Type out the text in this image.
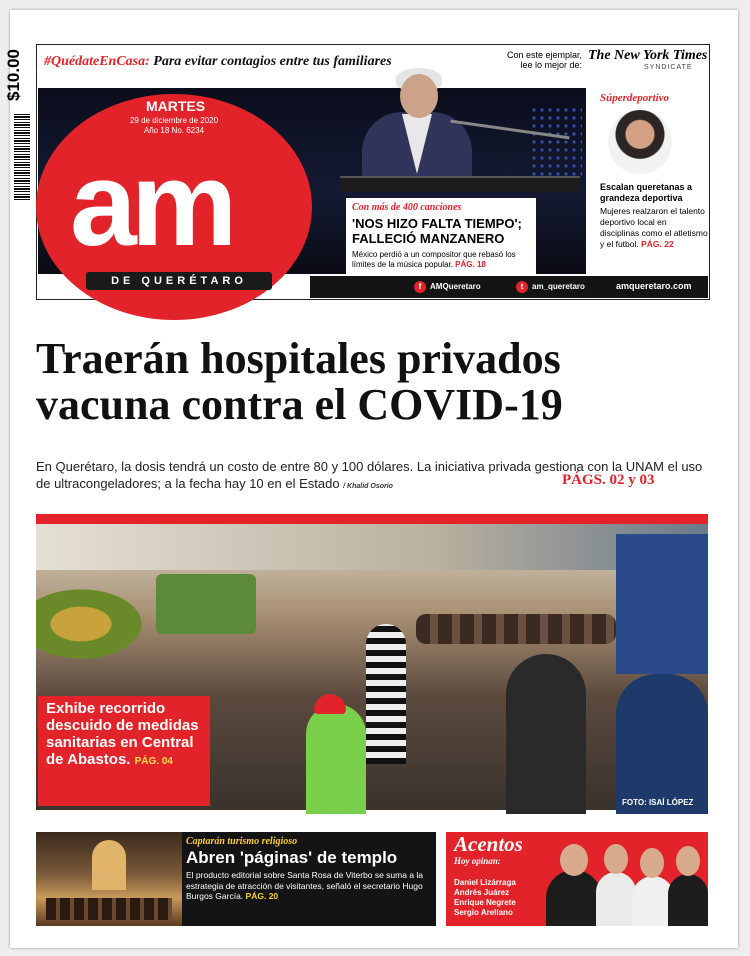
$10.00 #QuédateEnCasa: Para evitar contagios entre tus familiares	Con este ejemplar,
lee lo mejor de:
The New York Times
SYNDICATE
Con más de 400 canciones
'NOS HIZO FALTA TIEMPO';
FALLECIÓ MANZANERO
México perdió a un compositor que rebasó los límites de la música popular. PÁG. 18
MARTES
29 de diciembre de 2020
Año 18 No. 6234
am
DE QUERÉTARO	f AMQueretaro	t am_queretaro	amqueretaro.com
Súperdeportivo
Escalan queretanas a grandeza deportiva
Mujeres realzaron el talento deportivo local en disciplinas como el atletismo y el futbol. PÁG. 22
Traerán hospitales privados
vacuna contra el COVID-19
En Querétaro, la dosis tendrá un costo de entre 80 y 100 dólares. La iniciativa privada gestiona con la UNAM el uso de ultracongeladores; a la fecha hay 10 en el Estado / Khalid Osorio	PÁGS. 02 y 03
Exhibe recorrido descuido de medidas sanitarias en Central de Abastos. PÁG. 04
FOTO: ISAÍ LÓPEZ
Captarán turismo religioso
Abren 'páginas' de templo
El producto editorial sobre Santa Rosa de Viterbo se suma a la estrategia de atracción de visitantes, señaló el secretario Hugo Burgos García. PÁG. 20
Acentos
Hoy opinan:
Daniel Lizárraga
Andrés Juárez
Enrique Negrete
Sergio Arellano
